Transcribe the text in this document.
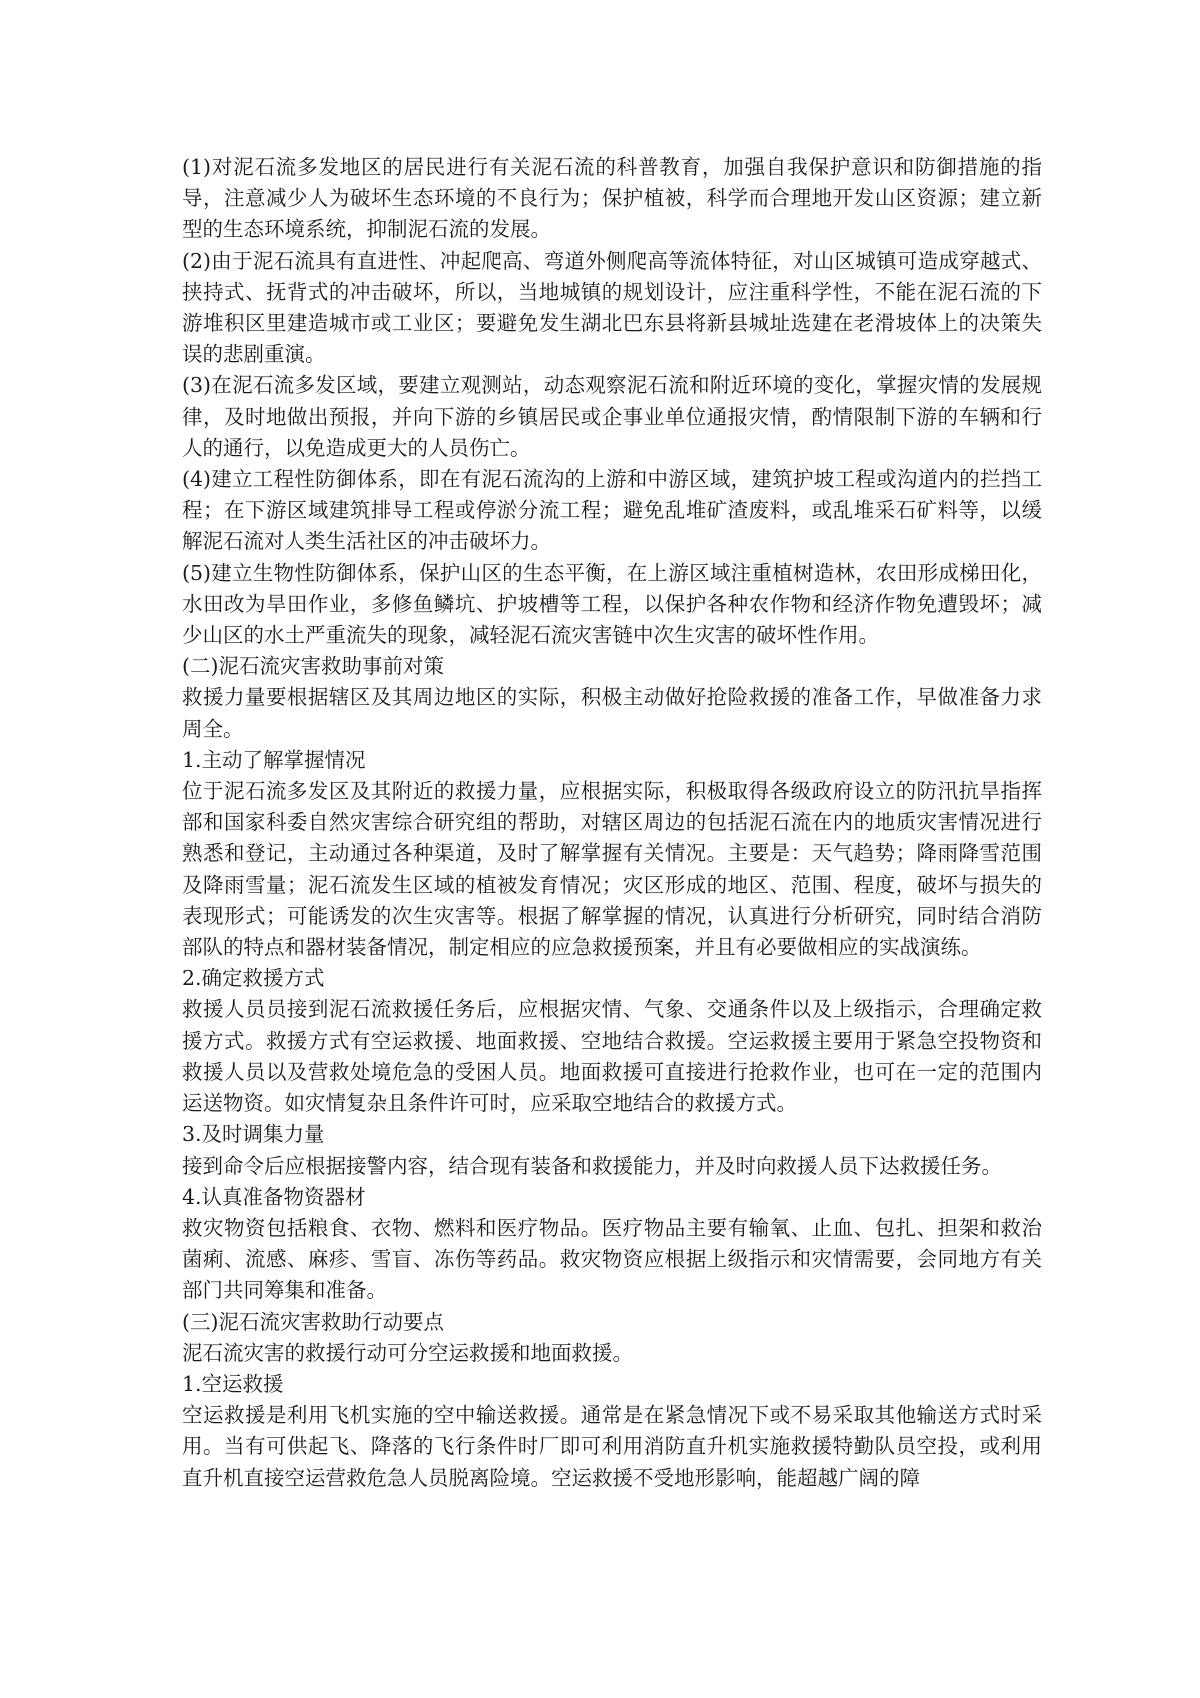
(1)对泥石流多发地区的居民进行有关泥石流的科普教育，加强自我保护意识和防御措施的指导，注意减少人为破坏生态环境的不良行为；保护植被，科学而合理地开发山区资源；建立新型的生态环境系统，抑制泥石流的发展。

(2)由于泥石流具有直进性、冲起爬高、弯道外侧爬高等流体特征，对山区城镇可造成穿越式、挟持式、抚背式的冲击破坏，所以，当地城镇的规划设计，应注重科学性，不能在泥石流的下游堆积区里建造城市或工业区；要避免发生湖北巴东县将新县城址选建在老滑坡体上的决策失误的悲剧重演。

(3)在泥石流多发区域，要建立观测站，动态观察泥石流和附近环境的变化，掌握灾情的发展规律，及时地做出预报，并向下游的乡镇居民或企事业单位通报灾情，酌情限制下游的车辆和行人的通行，以免造成更大的人员伤亡。

(4)建立工程性防御体系，即在有泥石流沟的上游和中游区域，建筑护坡工程或沟道内的拦挡工程；在下游区域建筑排导工程或停淤分流工程；避免乱堆矿渣废料，或乱堆采石矿料等，以缓解泥石流对人类生活社区的冲击破坏力。

(5)建立生物性防御体系，保护山区的生态平衡，在上游区域注重植树造林，农田形成梯田化，水田改为旱田作业，多修鱼鳞坑、护坡槽等工程，以保护各种农作物和经济作物免遭毁坏；减少山区的水土严重流失的现象，减轻泥石流灾害链中次生灾害的破坏性作用。

(二)泥石流灾害救助事前对策

救援力量要根据辖区及其周边地区的实际，积极主动做好抢险救援的准备工作，早做准备力求周全。

1.主动了解掌握情况

位于泥石流多发区及其附近的救援力量，应根据实际，积极取得各级政府设立的防汛抗旱指挥部和国家科委自然灾害综合研究组的帮助，对辖区周边的包括泥石流在内的地质灾害情况进行熟悉和登记，主动通过各种渠道，及时了解掌握有关情况。主要是：天气趋势；降雨降雪范围及降雨雪量；泥石流发生区域的植被发育情况；灾区形成的地区、范围、程度，破坏与损失的表现形式；可能诱发的次生灾害等。根据了解掌握的情况，认真进行分析研究，同时结合消防部队的特点和器材装备情况，制定相应的应急救援预案，并且有必要做相应的实战演练。

2.确定救援方式

救援人员员接到泥石流救援任务后，应根据灾情、气象、交通条件以及上级指示，合理确定救援方式。救援方式有空运救援、地面救援、空地结合救援。空运救援主要用于紧急空投物资和救援人员以及营救处境危急的受困人员。地面救援可直接进行抢救作业，也可在一定的范围内运送物资。如灾情复杂且条件许可时，应采取空地结合的救援方式。

3.及时调集力量

接到命令后应根据接警内容，结合现有装备和救援能力，并及时向救援人员下达救援任务。

4.认真准备物资器材

救灾物资包括粮食、衣物、燃料和医疗物品。医疗物品主要有输氧、止血、包扎、担架和救治菌痢、流感、麻疹、雪盲、冻伤等药品。救灾物资应根据上级指示和灾情需要，会同地方有关部门共同筹集和准备。

(三)泥石流灾害救助行动要点

泥石流灾害的救援行动可分空运救援和地面救援。

1.空运救援

空运救援是利用飞机实施的空中输送救援。通常是在紧急情况下或不易采取其他输送方式时采用。当有可供起飞、降落的飞行条件时厂即可利用消防直升机实施救援特勤队员空投，或利用直升机直接空运营救危急人员脱离险境。空运救援不受地形影响，能超越广阔的障
